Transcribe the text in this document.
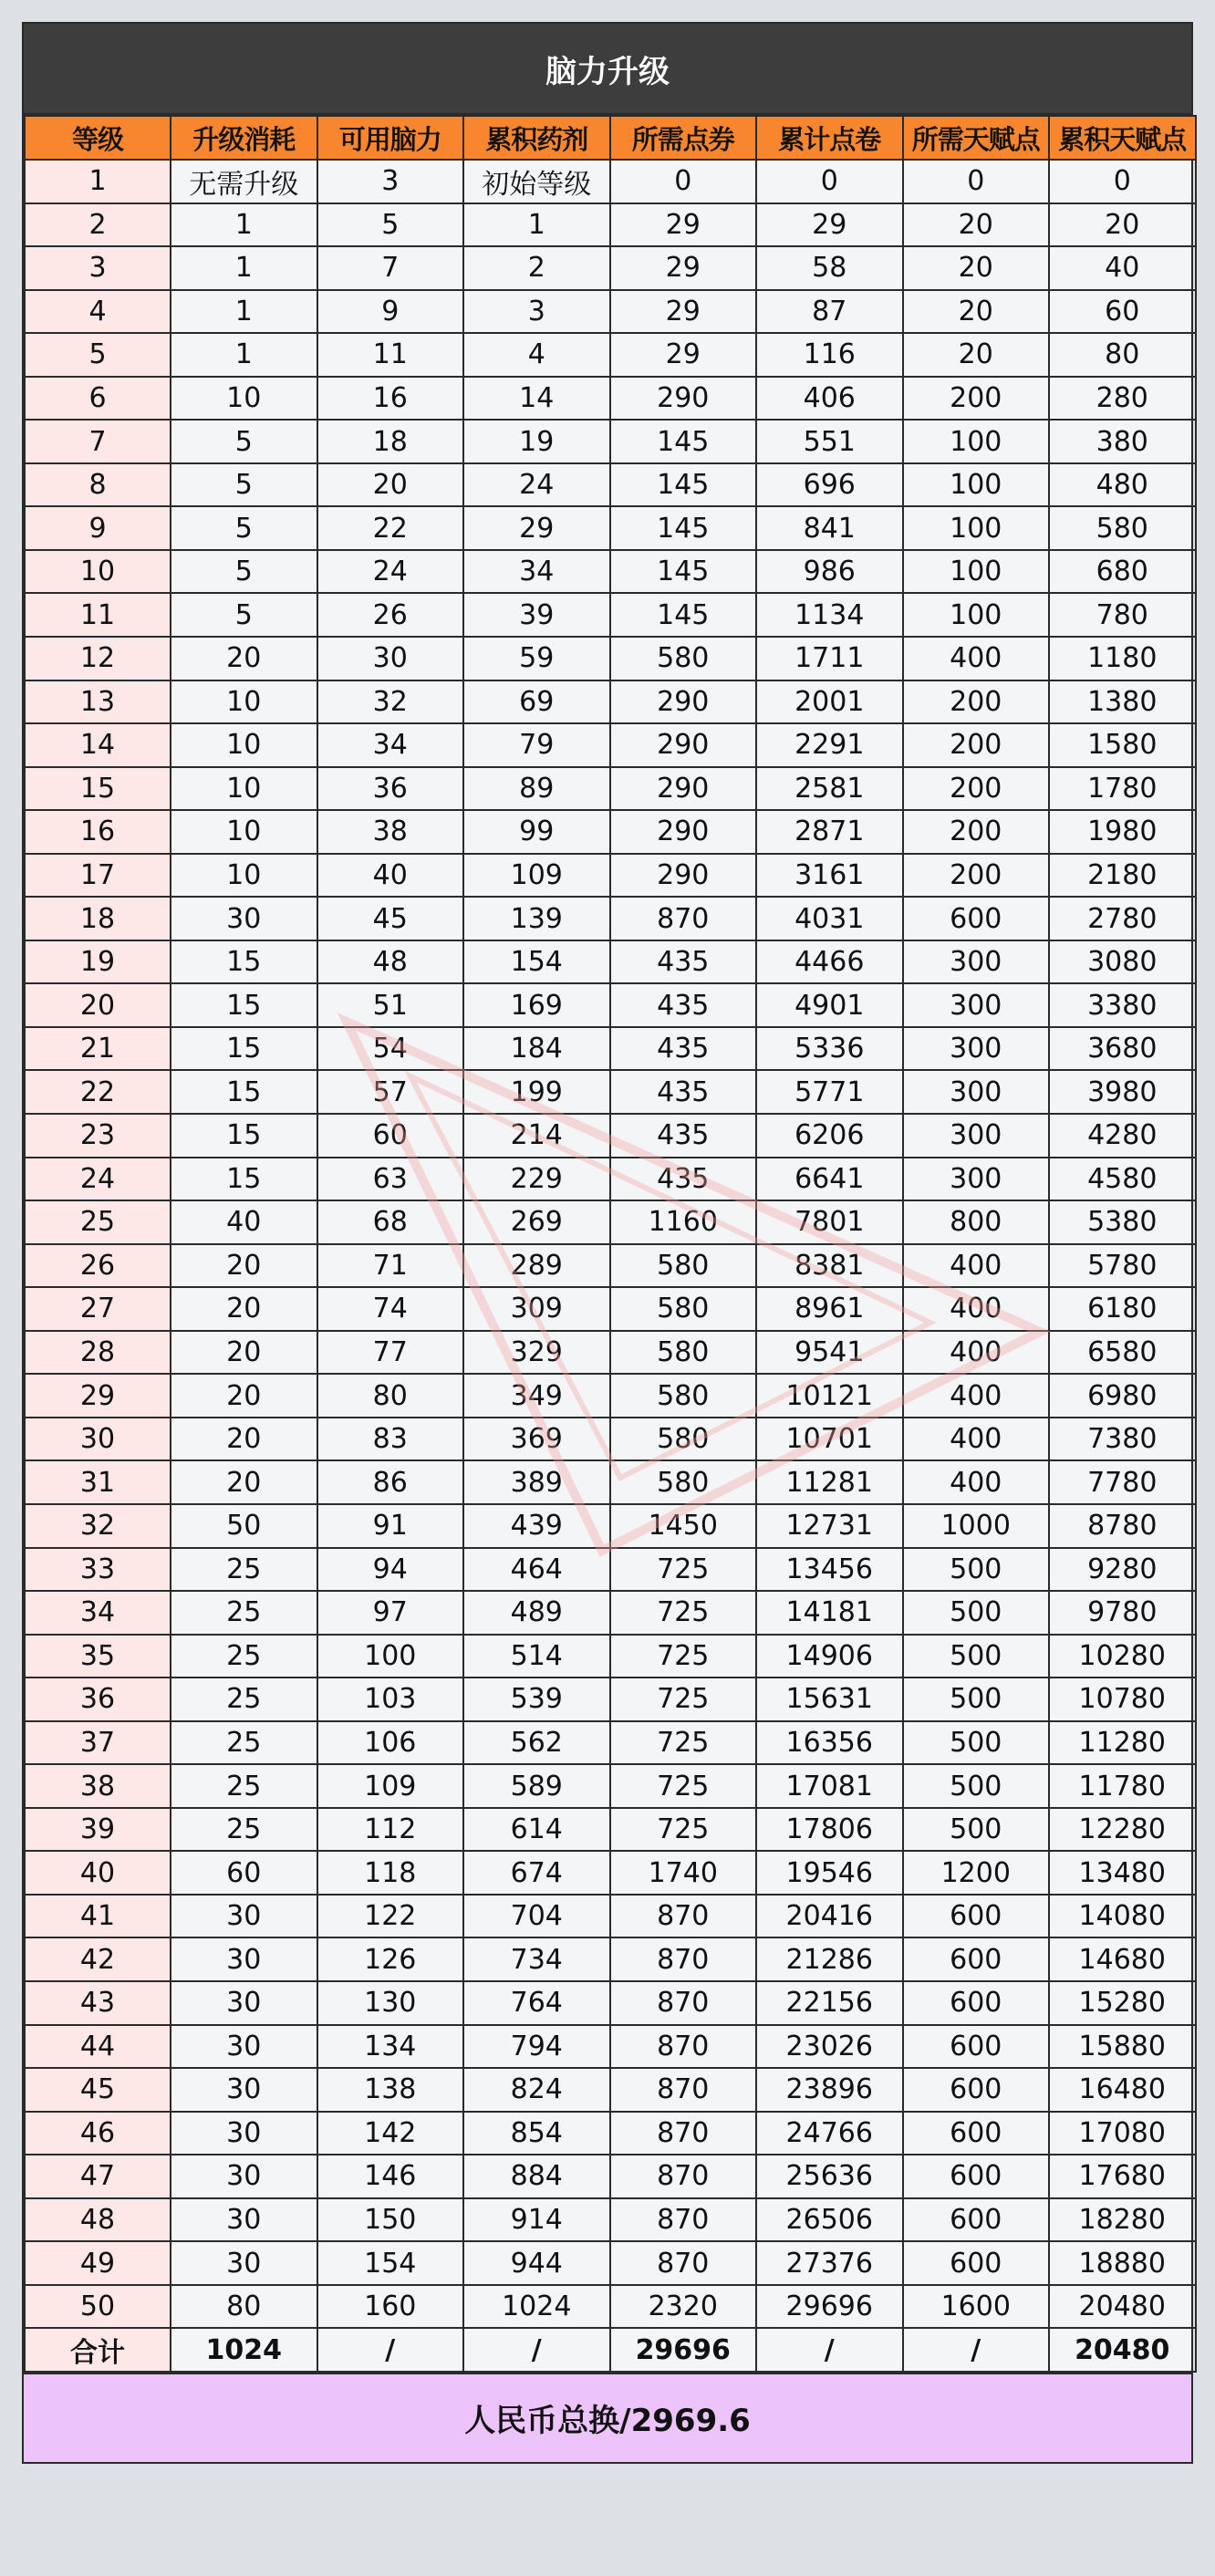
脑力升级
等级	升级消耗	可用脑力	累积药剂	所需点券	累计点卷	所需天赋点	累积天赋点
1	无需升级	3	初始等级	0	0	0	0
2	1	5	1	29	29	20	20
3	1	7	2	29	58	20	40
4	1	9	3	29	87	20	60
5	1	11	4	29	116	20	80
6	10	16	14	290	406	200	280
7	5	18	19	145	551	100	380
8	5	20	24	145	696	100	480
9	5	22	29	145	841	100	580
10	5	24	34	145	986	100	680
11	5	26	39	145	1134	100	780
12	20	30	59	580	1711	400	1180
13	10	32	69	290	2001	200	1380
14	10	34	79	290	2291	200	1580
15	10	36	89	290	2581	200	1780
16	10	38	99	290	2871	200	1980
17	10	40	109	290	3161	200	2180
18	30	45	139	870	4031	600	2780
19	15	48	154	435	4466	300	3080
20	15	51	169	435	4901	300	3380
21	15	54	184	435	5336	300	3680
22	15	57	199	435	5771	300	3980
23	15	60	214	435	6206	300	4280
24	15	63	229	435	6641	300	4580
25	40	68	269	1160	7801	800	5380
26	20	71	289	580	8381	400	5780
27	20	74	309	580	8961	400	6180
28	20	77	329	580	9541	400	6580
29	20	80	349	580	10121	400	6980
30	20	83	369	580	10701	400	7380
31	20	86	389	580	11281	400	7780
32	50	91	439	1450	12731	1000	8780
33	25	94	464	725	13456	500	9280
34	25	97	489	725	14181	500	9780
35	25	100	514	725	14906	500	10280
36	25	103	539	725	15631	500	10780
37	25	106	562	725	16356	500	11280
38	25	109	589	725	17081	500	11780
39	25	112	614	725	17806	500	12280
40	60	118	674	1740	19546	1200	13480
41	30	122	704	870	20416	600	14080
42	30	126	734	870	21286	600	14680
43	30	130	764	870	22156	600	15280
44	30	134	794	870	23026	600	15880
45	30	138	824	870	23896	600	16480
46	30	142	854	870	24766	600	17080
47	30	146	884	870	25636	600	17680
48	30	150	914	870	26506	600	18280
49	30	154	944	870	27376	600	18880
50	80	160	1024	2320	29696	1600	20480
合计	1024	/	/	29696	/	/	20480
人民币总换/2969.6
